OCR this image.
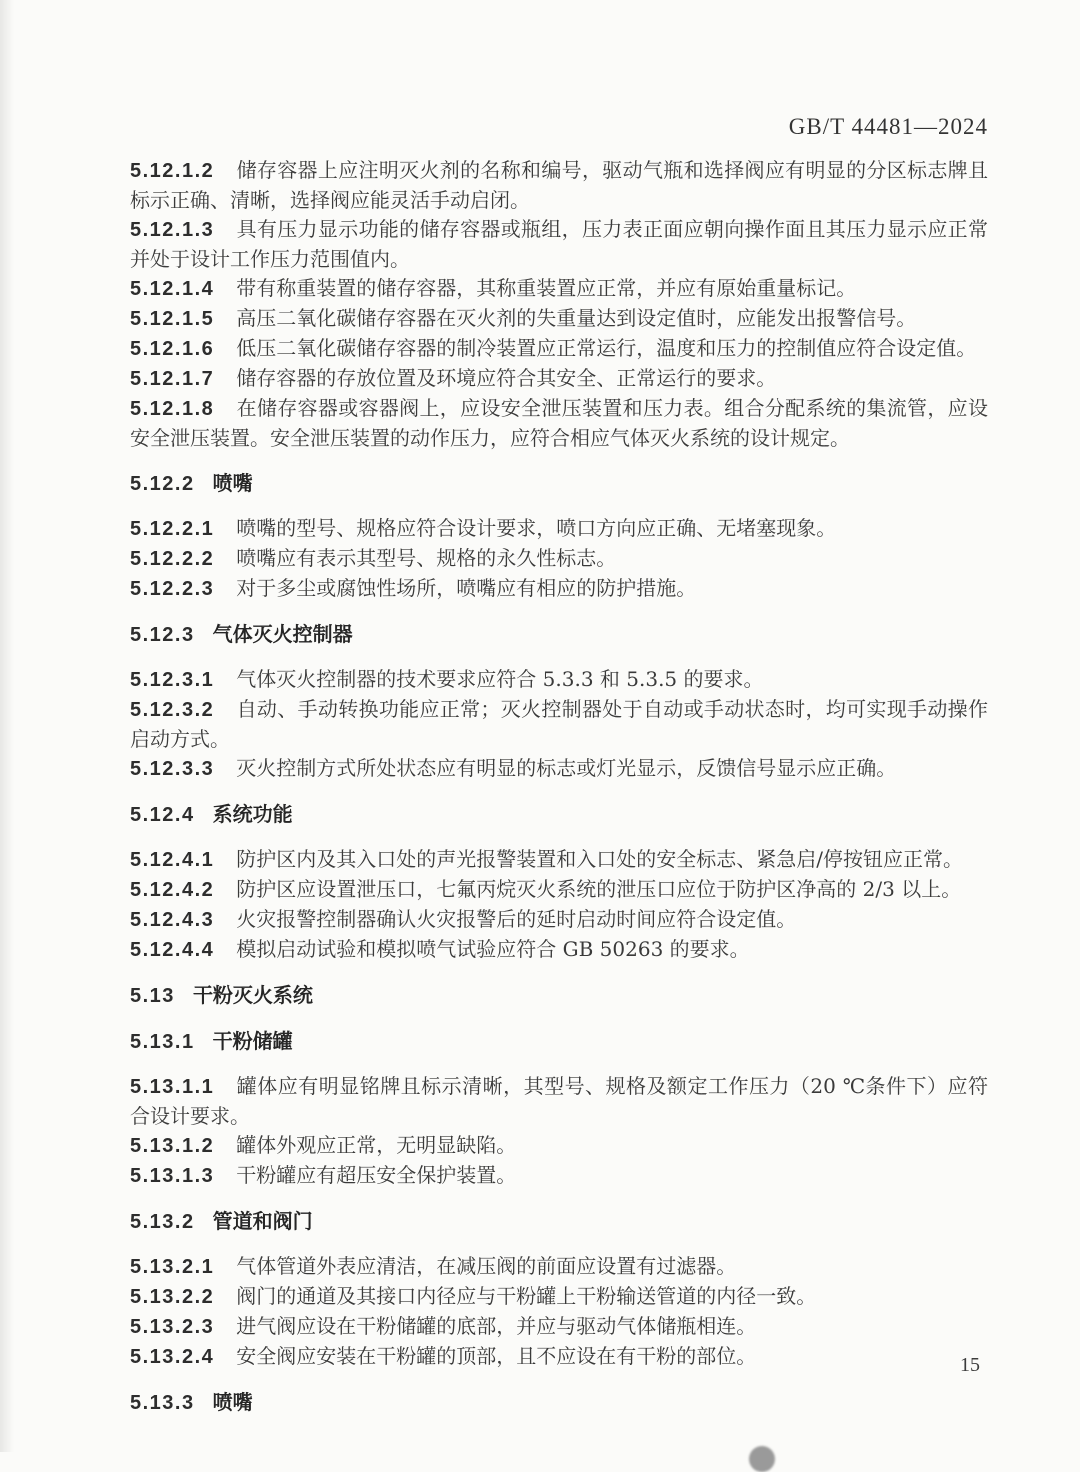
GB/T 44481—2024

5.12.1.2 储存容器上应注明灭火剂的名称和编号，驱动气瓶和选择阀应有明显的分区标志牌且标示正确、清晰，选择阀应能灵活手动启闭。

5.12.1.3 具有压力显示功能的储存容器或瓶组，压力表正面应朝向操作面且其压力显示应正常并处于设计工作压力范围值内。

5.12.1.4 带有称重装置的储存容器，其称重装置应正常，并应有原始重量标记。

5.12.1.5 高压二氧化碳储存容器在灭火剂的失重量达到设定值时，应能发出报警信号。

5.12.1.6 低压二氧化碳储存容器的制冷装置应正常运行，温度和压力的控制值应符合设定值。

5.12.1.7 储存容器的存放位置及环境应符合其安全、正常运行的要求。

5.12.1.8 在储存容器或容器阀上，应设安全泄压装置和压力表。组合分配系统的集流管，应设安全泄压装置。安全泄压装置的动作压力，应符合相应气体灭火系统的设计规定。

5.12.2 喷嘴

5.12.2.1 喷嘴的型号、规格应符合设计要求，喷口方向应正确、无堵塞现象。

5.12.2.2 喷嘴应有表示其型号、规格的永久性标志。

5.12.2.3 对于多尘或腐蚀性场所，喷嘴应有相应的防护措施。

5.12.3 气体灭火控制器

5.12.3.1 气体灭火控制器的技术要求应符合 5.3.3 和 5.3.5 的要求。

5.12.3.2 自动、手动转换功能应正常；灭火控制器处于自动或手动状态时，均可实现手动操作启动方式。

5.12.3.3 灭火控制方式所处状态应有明显的标志或灯光显示，反馈信号显示应正确。

5.12.4 系统功能

5.12.4.1 防护区内及其入口处的声光报警装置和入口处的安全标志、紧急启/停按钮应正常。

5.12.4.2 防护区应设置泄压口，七氟丙烷灭火系统的泄压口应位于防护区净高的 2/3 以上。

5.12.4.3 火灾报警控制器确认火灾报警后的延时启动时间应符合设定值。

5.12.4.4 模拟启动试验和模拟喷气试验应符合 GB 50263 的要求。

5.13 干粉灭火系统

5.13.1 干粉储罐

5.13.1.1 罐体应有明显铭牌且标示清晰，其型号、规格及额定工作压力（20 ℃条件下）应符合设计要求。

5.13.1.2 罐体外观应正常，无明显缺陷。

5.13.1.3 干粉罐应有超压安全保护装置。

5.13.2 管道和阀门

5.13.2.1 气体管道外表应清洁，在减压阀的前面应设置有过滤器。

5.13.2.2 阀门的通道及其接口内径应与干粉罐上干粉输送管道的内径一致。

5.13.2.3 进气阀应设在干粉储罐的底部，并应与驱动气体储瓶相连。

5.13.2.4 安全阀应安装在干粉罐的顶部，且不应设在有干粉的部位。

5.13.3 喷嘴

15
